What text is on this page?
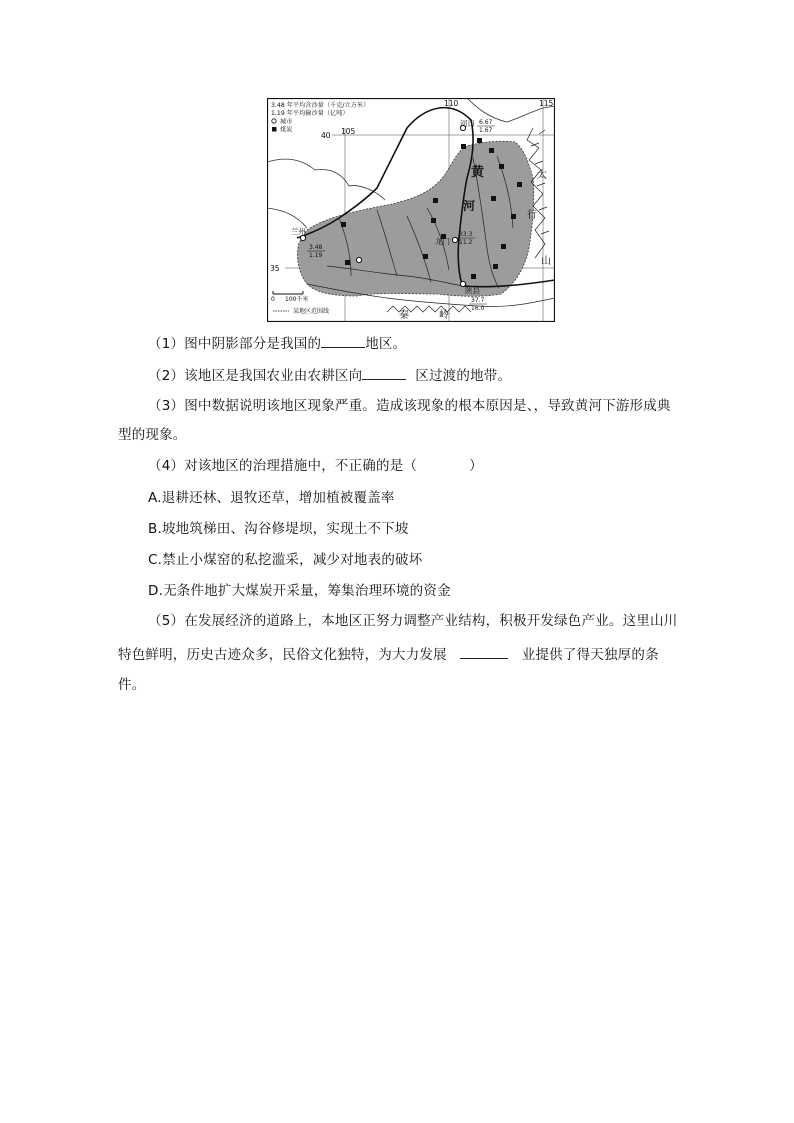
3.48 年平均含沙量（千克/立方米）
1.19 年平均输沙量（亿吨）
城市
煤炭
0 100千米
某地区范围线
105
110	115
40
35
兰州
河口
龙门
陕县
黄
河
太
行
山
秦	岭
3.48
1.19
6.67
1.67
33.3
11.2
37.7
16.0
（1）图中阴影部分是我国的	地区。
（2）该地区是我国农业由农耕区向	区过渡的地带。
（3）图中数据说明该地区现象严重。造成该现象的根本原因是、，导致黄河下游形成典
型的现象。
（4）对该地区的治理措施中，不正确的是（	）
A.退耕还林、退牧还草，增加植被覆盖率
B.坡地筑梯田、沟谷修堤坝，实现土不下坡
C.禁止小煤窑的私挖滥采，减少对地表的破坏
D.无条件地扩大煤炭开采量，筹集治理环境的资金
（5）在发展经济的道路上，本地区正努力调整产业结构，积极开发绿色产业。这里山川
特色鲜明，历史古迹众多，民俗文化独特，为大力发展	业提供了得天独厚的条
件。
